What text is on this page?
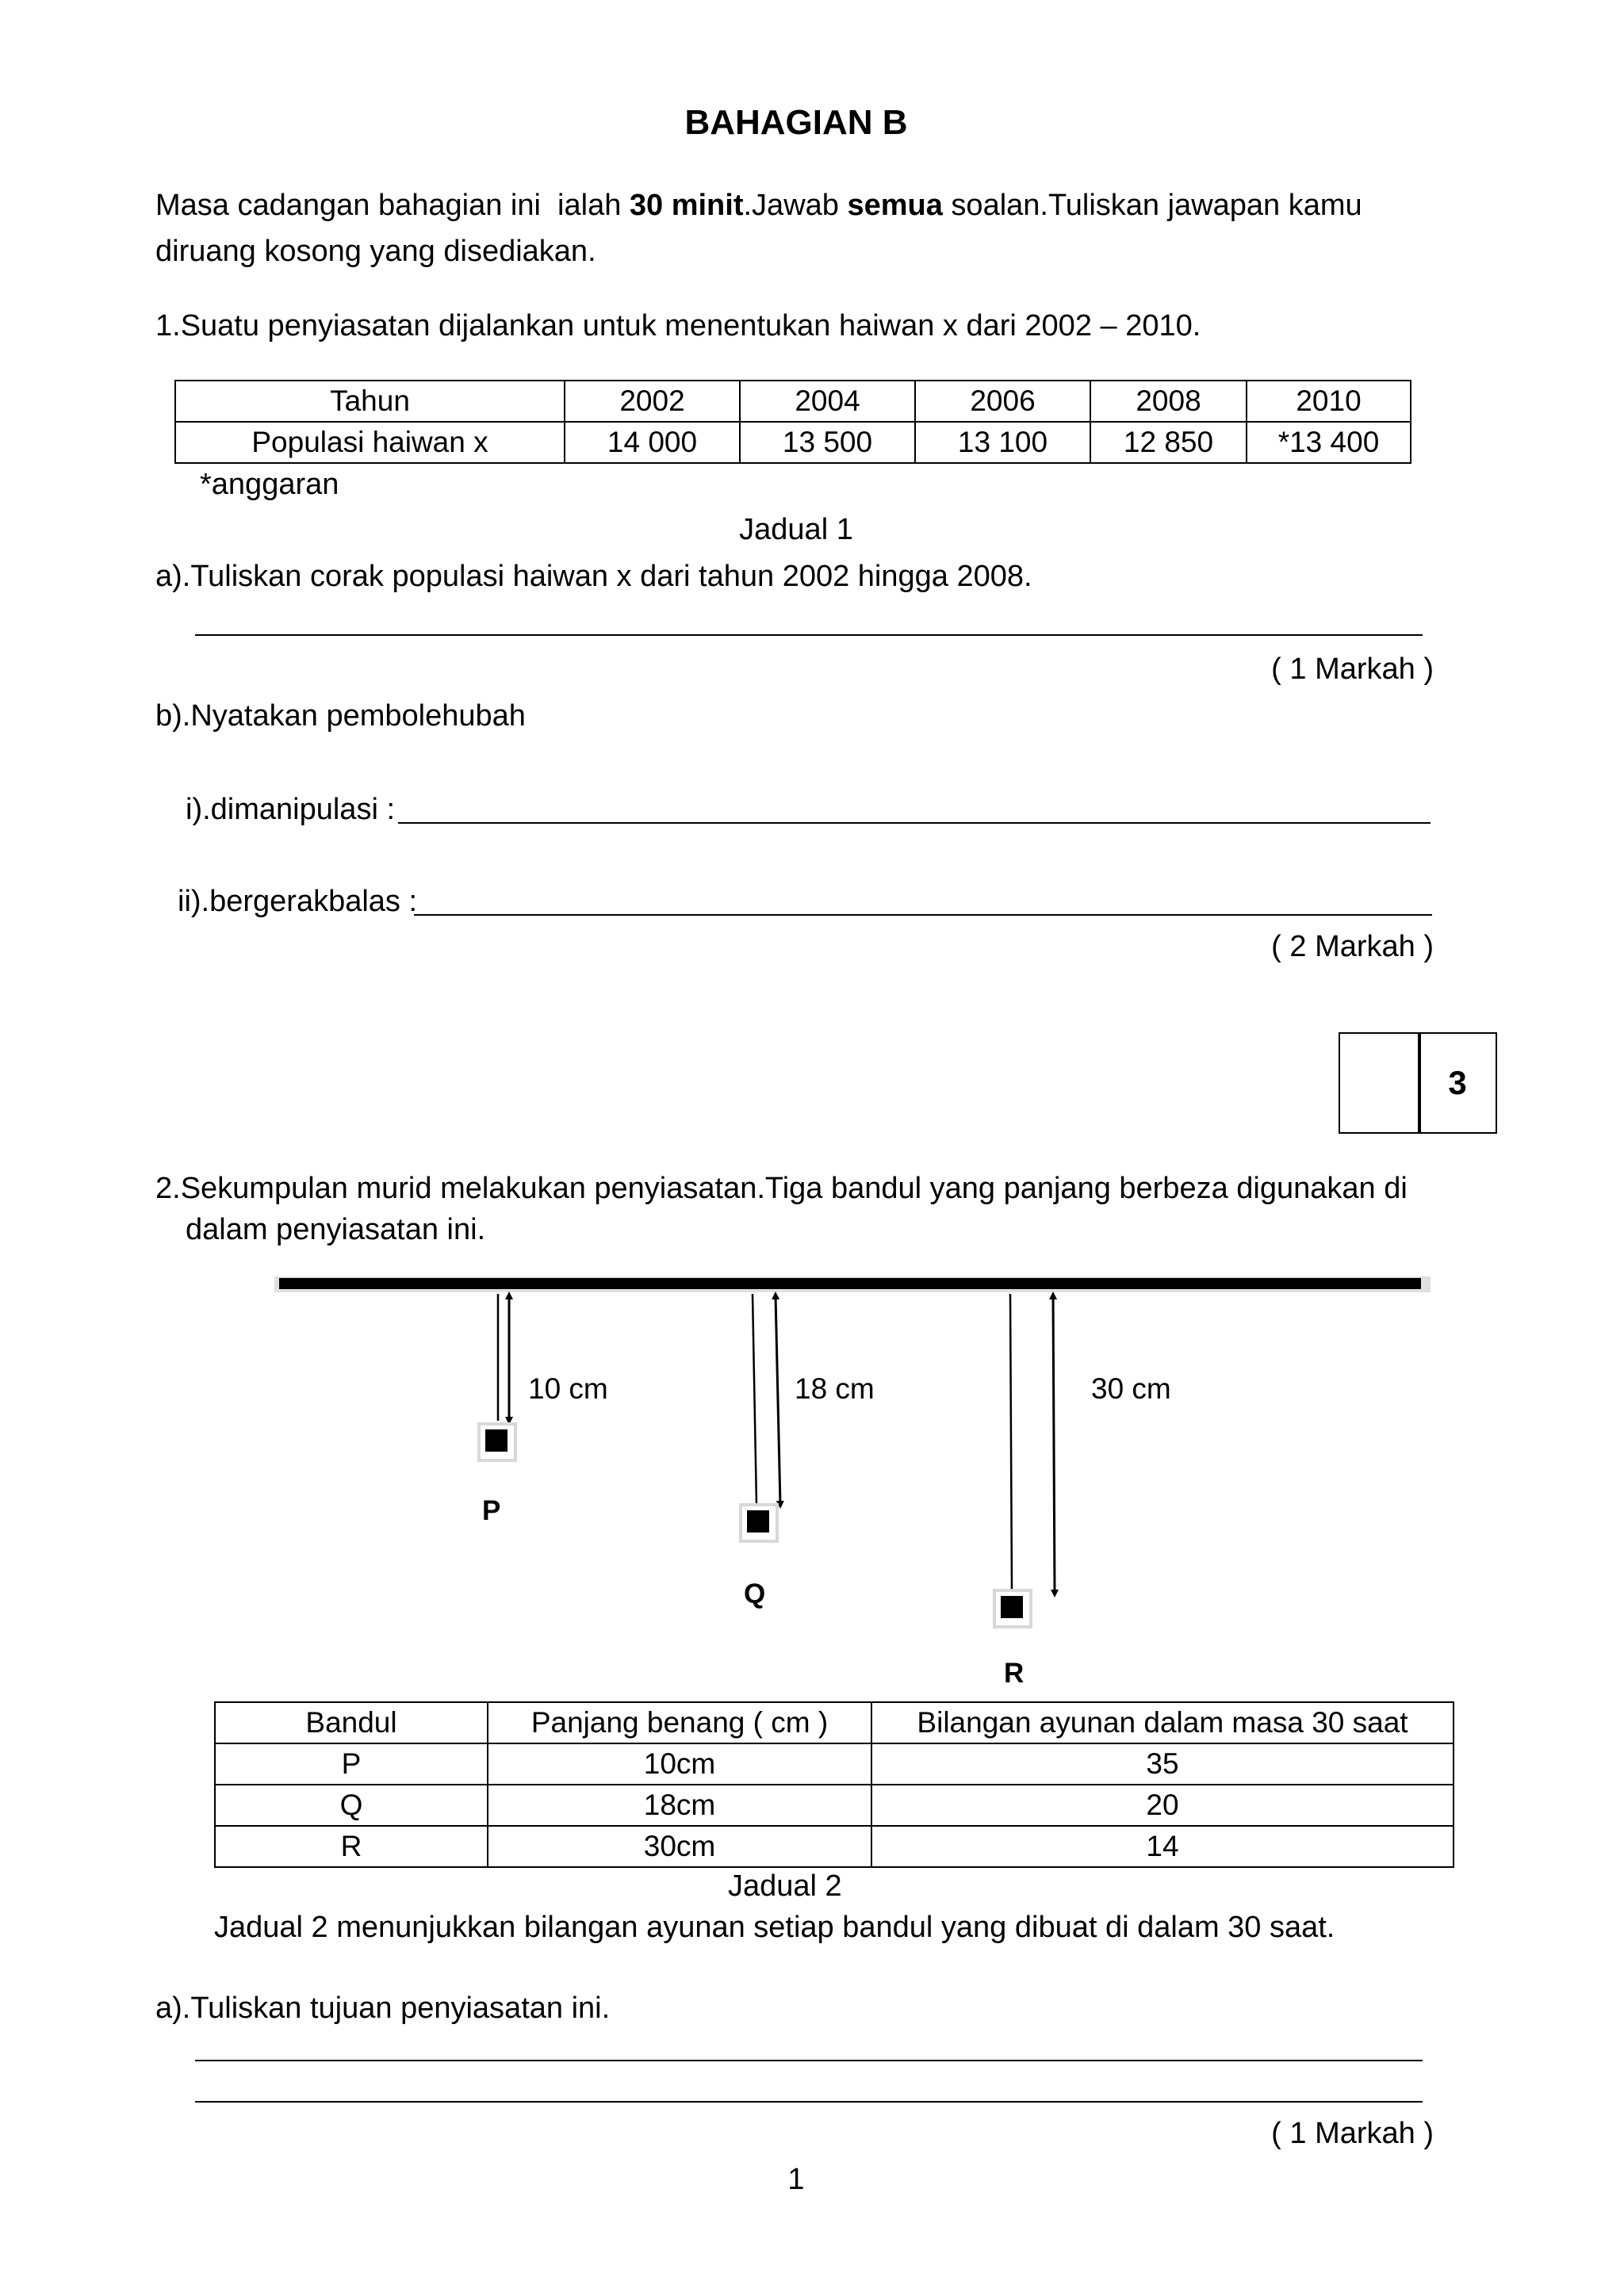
BAHAGIAN B
Masa cadangan bahagian ini  ialah 30 minit.Jawab semua soalan.Tuliskan jawapan kamu
diruang kosong yang disediakan.
1.Suatu penyiasatan dijalankan untuk menentukan haiwan x dari 2002 – 2010.
Tahun	2002	2004	2006	2008	2010
Populasi haiwan x	14 000	13 500	13 100	12 850	*13 400
*anggaran
Jadual 1
a).Tuliskan corak populasi haiwan x dari tahun 2002 hingga 2008.
( 1 Markah )
b).Nyatakan pembolehubah
i).dimanipulasi :
ii).bergerakbalas :
( 2 Markah )
3
2.Sekumpulan murid melakukan penyiasatan.Tiga bandul yang panjang berbeza digunakan di
dalam penyiasatan ini.
10 cm
P
18 cm
Q
30 cm
R
Bandul	Panjang benang ( cm )	Bilangan ayunan dalam masa 30 saat
P	10cm	35
Q	18cm	20
R	30cm	14
Jadual 2
Jadual 2 menunjukkan bilangan ayunan setiap bandul yang dibuat di dalam 30 saat.
a).Tuliskan tujuan penyiasatan ini.
( 1 Markah )
1
